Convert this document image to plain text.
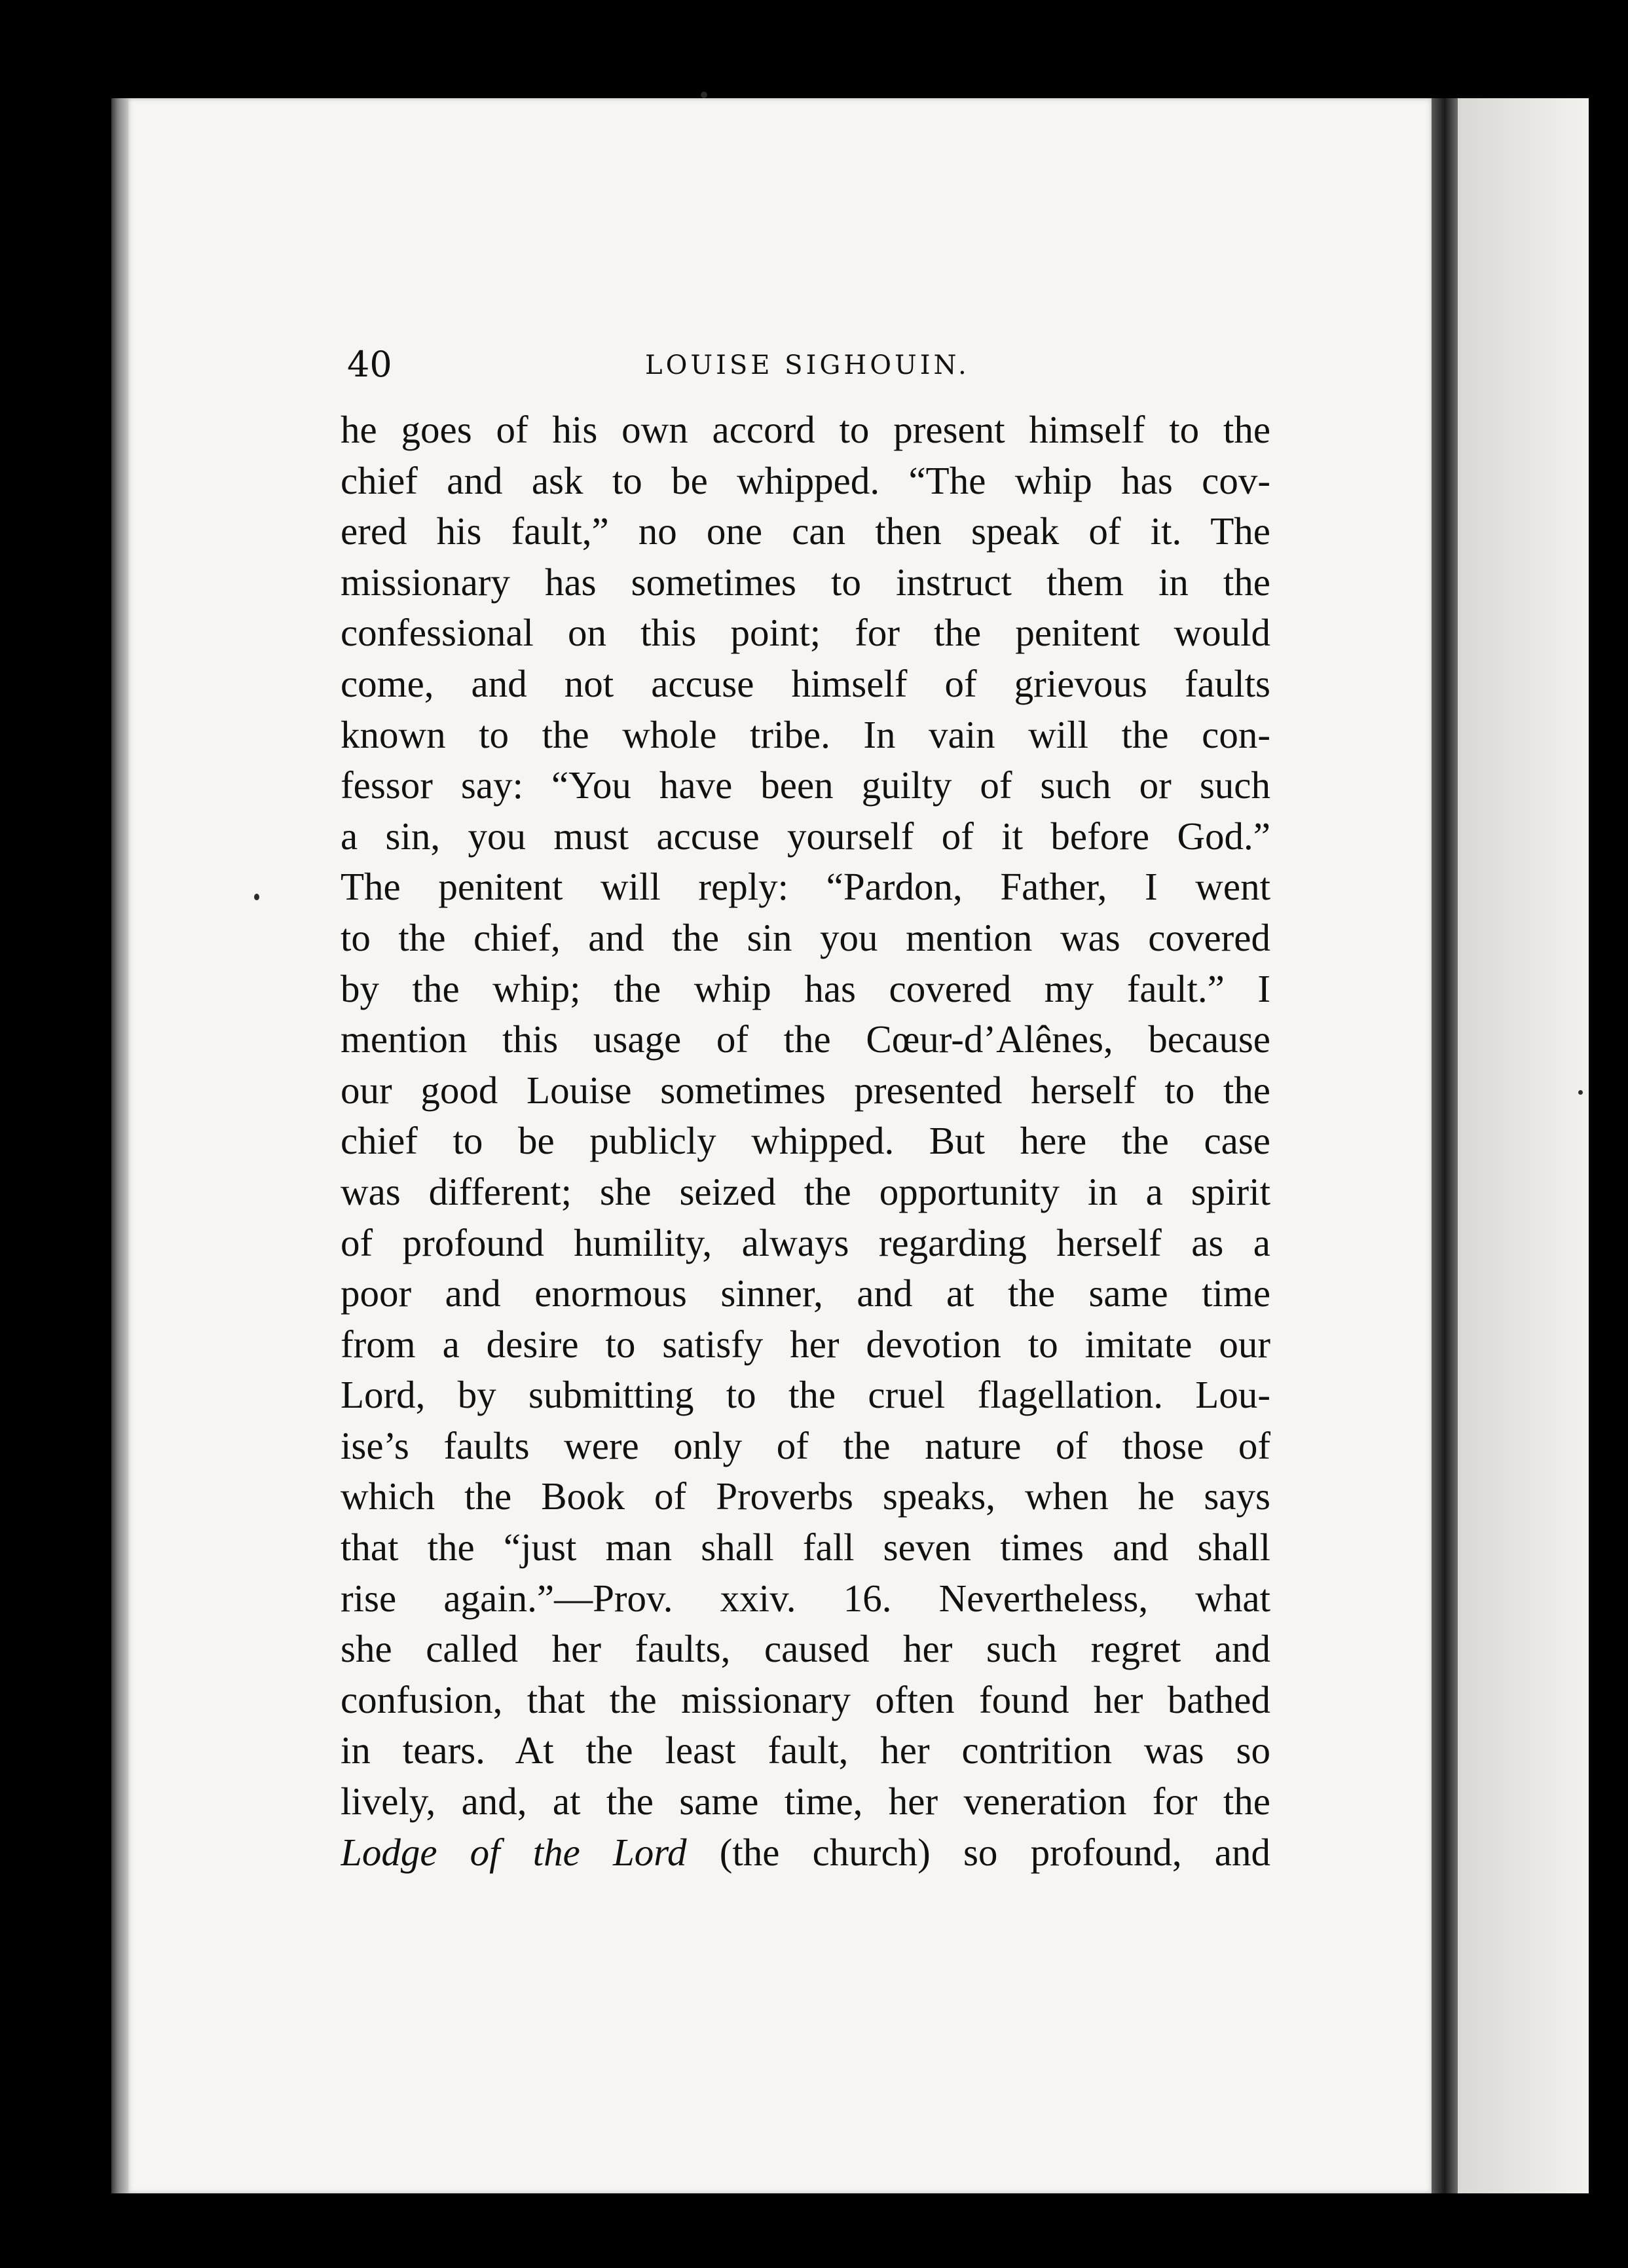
40	LOUISE SIGHOUIN.
he goes of his own accord to present himself to the
chief and ask to be whipped. “The whip has cov-
ered his fault,” no one can then speak of it. The
missionary has sometimes to instruct them in the
confessional on this point; for the penitent would
come, and not accuse himself of grievous faults
known to the whole tribe. In vain will the con-
fessor say: “You have been guilty of such or such
a sin, you must accuse yourself of it before God.”
The penitent will reply: “Pardon, Father, I went
to the chief, and the sin you mention was covered
by the whip; the whip has covered my fault.” I
mention this usage of the Cœur-d’Alênes, because
our good Louise sometimes presented herself to the
chief to be publicly whipped. But here the case
was different; she seized the opportunity in a spirit
of profound humility, always regarding herself as a
poor and enormous sinner, and at the same time
from a desire to satisfy her devotion to imitate our
Lord, by submitting to the cruel flagellation. Lou-
ise’s faults were only of the nature of those of
which the Book of Proverbs speaks, when he says
that the “just man shall fall seven times and shall
rise again.”—Prov. xxiv. 16. Nevertheless, what
she called her faults, caused her such regret and
confusion, that the missionary often found her bathed
in tears. At the least fault, her contrition was so
lively, and, at the same time, her veneration for the
Lodge of the Lord (the church) so profound, and
